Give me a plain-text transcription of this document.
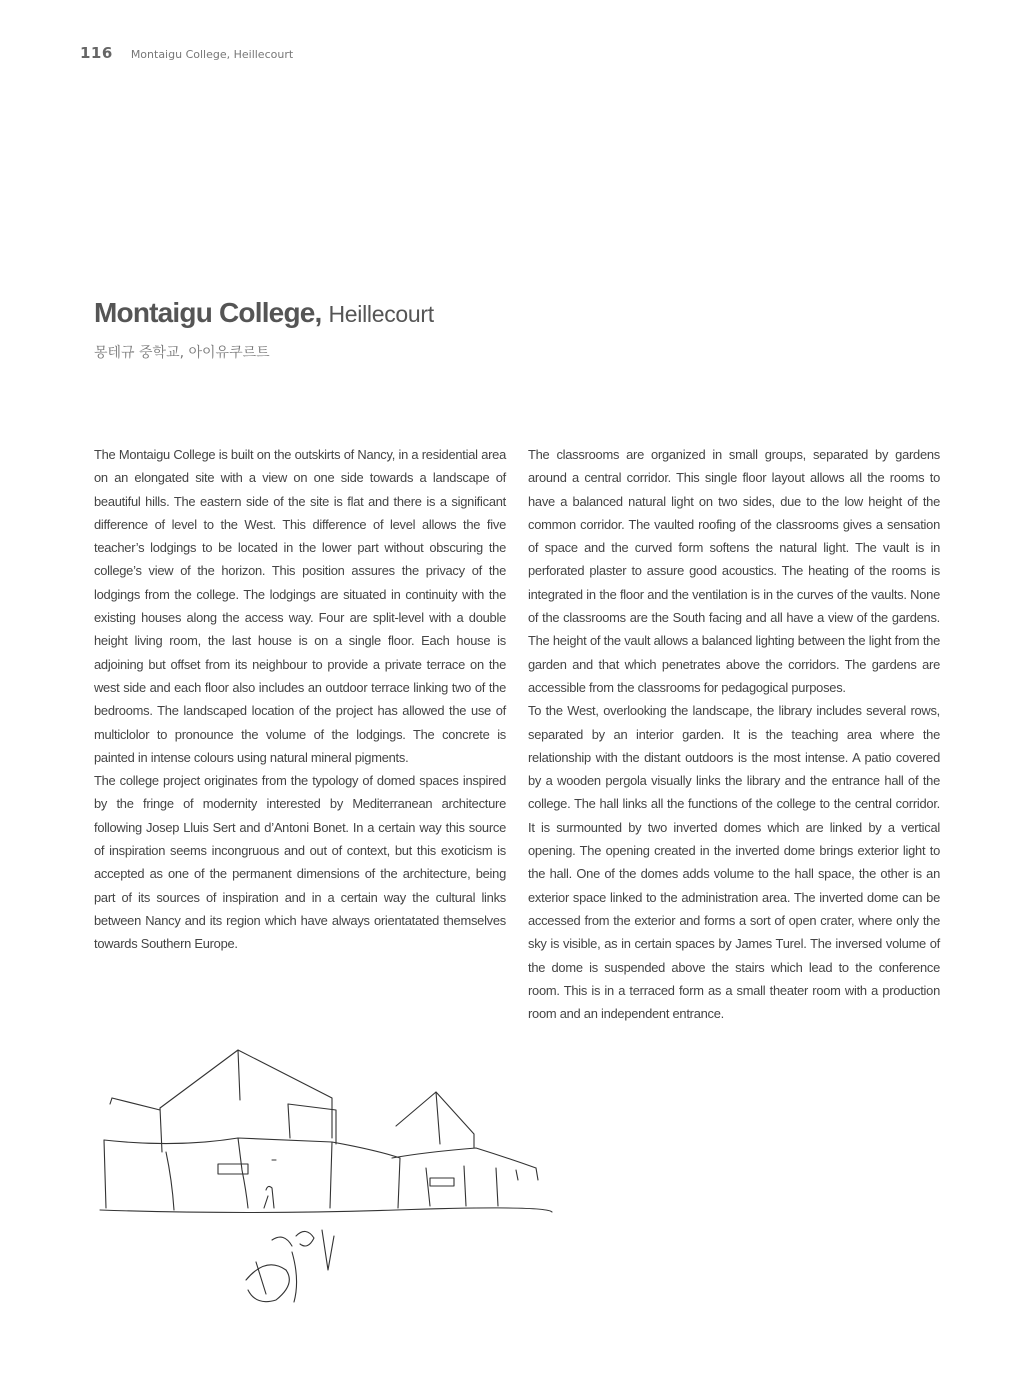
116 Montaigu College, Heillecourt
Montaigu College, Heillecourt
몽테규 중학교, 아이유쿠르트

The Montaigu College is built on the outskirts of Nancy, in a residential area on an elongated site with a view on one side towards a landscape of beautiful hills. The eastern side of the site is flat and there is a significant difference of level to the West. This difference of level allows the five teacher’s lodgings to be located in the lower part without obscuring the college’s view of the horizon. This position assures the privacy of the lodgings from the college. The lodgings are situated in continuity with the existing houses along the access way. Four are split-level with a double height living room, the last house is on a single floor. Each house is adjoining but offset from its neighbour to provide a private terrace on the west side and each floor also includes an outdoor terrace linking two of the bedrooms. The landscaped location of the project has allowed the use of multiclolor to pronounce the volume of the lodgings. The concrete is painted in intense colours using natural mineral pigments.

The college project originates from the typology of domed spaces inspired by the fringe of modernity interested by Mediterranean architecture following Josep Lluis Sert and d’Antoni Bonet. In a certain way this source of inspiration seems incongruous and out of context, but this exoticism is accepted as one of the permanent dimensions of the architecture, being part of its sources of inspiration and in a certain way the cultural links between Nancy and its region which have always orientatated themselves towards Southern Europe.

The classrooms are organized in small groups, separated by gardens around a central corridor. This single floor layout allows all the rooms to have a balanced natural light on two sides, due to the low height of the common corridor. The vaulted roofing of the classrooms gives a sensation of space and the curved form softens the natural light. The vault is in perforated plaster to assure good acoustics. The heating of the rooms is integrated in the floor and the ventilation is in the curves of the vaults. None of the classrooms are the South facing and all have a view of the gardens. The height of the vault allows a balanced lighting between the light from the garden and that which penetrates above the corridors. The gardens are accessible from the classrooms for pedagogical purposes.

To the West, overlooking the landscape, the library includes several rows, separated by an interior garden. It is the teaching area where the relationship with the distant outdoors is the most intense. A patio covered by a wooden pergola visually links the library and the entrance hall of the college. The hall links all the functions of the college to the central corridor. It is surmounted by two inverted domes which are linked by a vertical opening. The opening created in the inverted dome brings exterior light to the hall. One of the domes adds volume to the hall space, the other is an exterior space linked to the administration area. The inverted dome can be accessed from the exterior and forms a sort of open crater, where only the sky is visible, as in certain spaces by James Turel. The inversed volume of the dome is suspended above the stairs which lead to the conference room. This is in a terraced form as a small theater room with a production room and an independent entrance.
